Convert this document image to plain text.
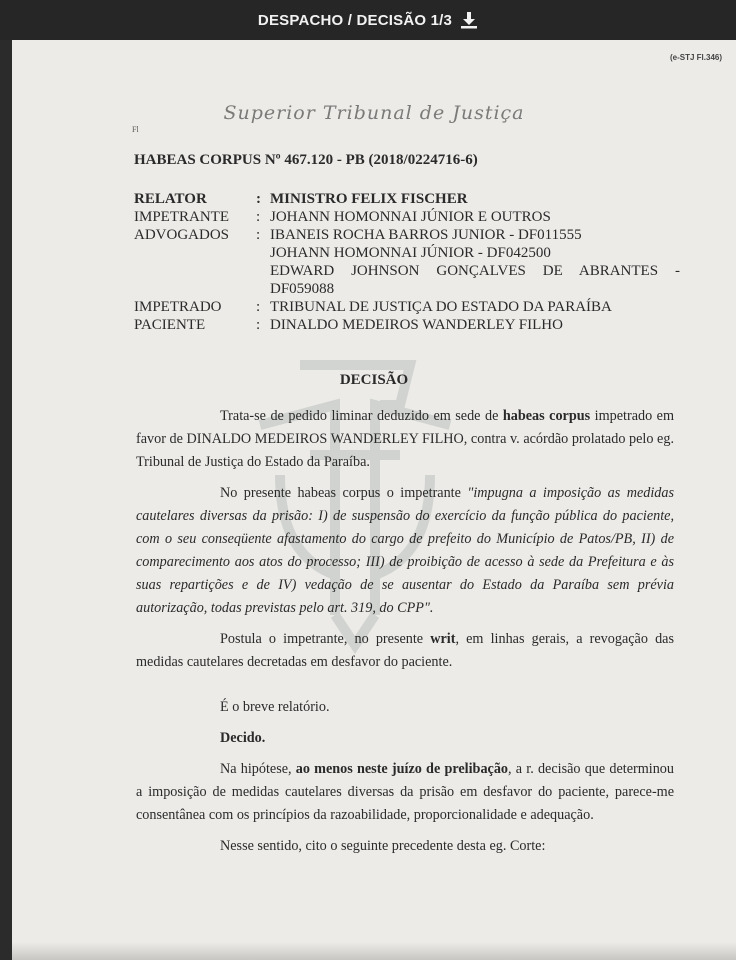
DESPACHO / DECISÃO 1/3
(e-STJ Fl.346)
Superior Tribunal de Justiça
Fl
HABEAS CORPUS Nº 467.120 - PB (2018/0224716-6)
RELATOR	: MINISTRO FELIX FISCHER
IMPETRANTE	: JOHANN HOMONNAI JÚNIOR E OUTROS
ADVOGADOS	: IBANEIS ROCHA BARROS JUNIOR - DF011555
JOHANN HOMONNAI JÚNIOR - DF042500
EDWARD JOHNSON GONÇALVES DE ABRANTES - DF059088
IMPETRADO	: TRIBUNAL DE JUSTIÇA DO ESTADO DA PARAÍBA
PACIENTE	: DINALDO MEDEIROS WANDERLEY FILHO
DECISÃO

Trata-se de pedido liminar deduzido em sede de habeas corpus impetrado em favor de DINALDO MEDEIROS WANDERLEY FILHO, contra v. acórdão prolatado pelo eg. Tribunal de Justiça do Estado da Paraíba.

No presente habeas corpus o impetrante "impugna a imposição as medidas cautelares diversas da prisão: I) de suspensão do exercício da função pública do paciente, com o seu conseqüente afastamento do cargo de prefeito do Município de Patos/PB, II) de comparecimento aos atos do processo; III) de proibição de acesso à sede da Prefeitura e às suas repartições e de IV) vedação de se ausentar do Estado da Paraíba sem prévia autorização, todas previstas pelo art. 319, do CPP".

Postula o impetrante, no presente writ, em linhas gerais, a revogação das medidas cautelares decretadas em desfavor do paciente.

É o breve relatório.

Decido.

Na hipótese, ao menos neste juízo de prelibação, a r. decisão que determinou a imposição de medidas cautelares diversas da prisão em desfavor do paciente, parece-me consentânea com os princípios da razoabilidade, proporcionalidade e adequação.

Nesse sentido, cito o seguinte precedente desta eg. Corte:
